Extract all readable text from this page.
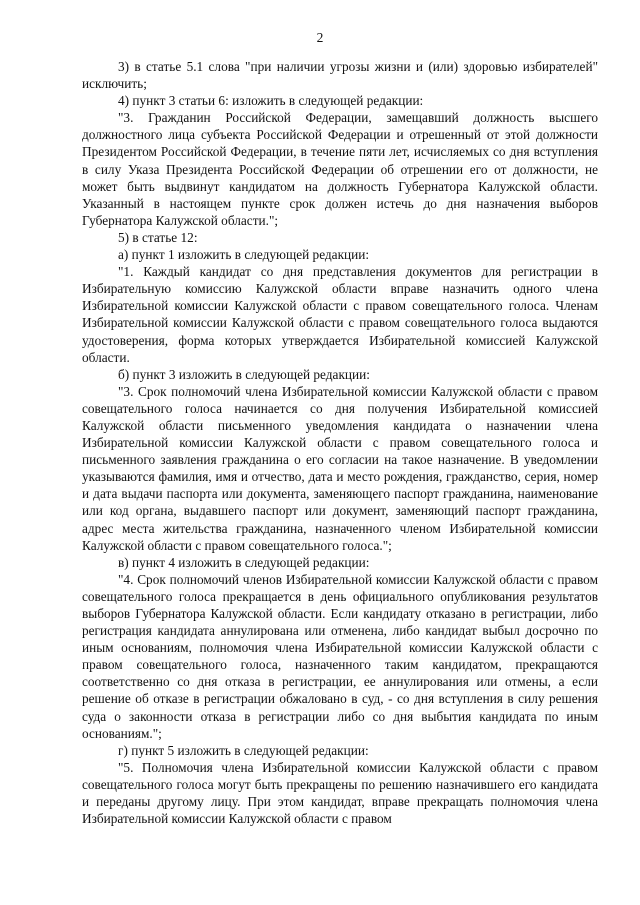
2

3) в статье 5.1 слова "при наличии угрозы жизни и (или) здоровью избирателей" исключить;

4) пункт 3 статьи 6: изложить в следующей редакции:

"3. Гражданин Российской Федерации, замещавший должность высшего должностного лица субъекта Российской Федерации и отрешенный от этой должности Президентом Российской Федерации, в течение пяти лет, исчисляемых со дня вступления в силу Указа Президента Российской Федерации об отрешении его от должности, не может быть выдвинут кандидатом на должность Губернатора Калужской области. Указанный в настоящем пункте срок должен истечь до дня назначения выборов Губернатора Калужской области.";

5) в статье 12:

а) пункт 1 изложить в следующей редакции:

"1. Каждый кандидат со дня представления документов для регистрации в Избирательную комиссию Калужской области вправе назначить одного члена Избирательной комиссии Калужской области с правом совещательного голоса. Членам Избирательной комиссии Калужской области с правом совещательного голоса выдаются удостоверения, форма которых утверждается Избирательной комиссией Калужской области.

б) пункт 3 изложить в следующей редакции:

"3. Срок полномочий члена Избирательной комиссии Калужской области с правом совещательного голоса начинается со дня получения Избирательной комиссией Калужской области письменного уведомления кандидата о назначении члена Избирательной комиссии Калужской области с правом совещательного голоса и письменного заявления гражданина о его согласии на такое назначение. В уведомлении указываются фамилия, имя и отчество, дата и место рождения, гражданство, серия, номер и дата выдачи паспорта или документа, заменяющего паспорт гражданина, наименование или код органа, выдавшего паспорт или документ, заменяющий паспорт гражданина, адрес места жительства гражданина, назначенного членом Избирательной комиссии Калужской области с правом совещательного голоса.";

в) пункт 4 изложить в следующей редакции:

"4. Срок полномочий членов Избирательной комиссии Калужской области с правом совещательного голоса прекращается в день официального опубликования результатов выборов Губернатора Калужской области. Если кандидату отказано в регистрации, либо регистрация кандидата аннулирована или отменена, либо кандидат выбыл досрочно по иным основаниям, полномочия члена Избирательной комиссии Калужской области с правом совещательного голоса, назначенного таким кандидатом, прекращаются соответственно со дня отказа в регистрации, ее аннулирования или отмены, а если решение об отказе в регистрации обжаловано в суд, - со дня вступления в силу решения суда о законности отказа в регистрации либо со дня выбытия кандидата по иным основаниям.";

г) пункт 5 изложить в следующей редакции:

"5. Полномочия члена Избирательной комиссии Калужской области с правом совещательного голоса могут быть прекращены по решению назначившего его кандидата и переданы другому лицу. При этом кандидат, вправе прекращать полномочия члена Избирательной комиссии Калужской области с правом
